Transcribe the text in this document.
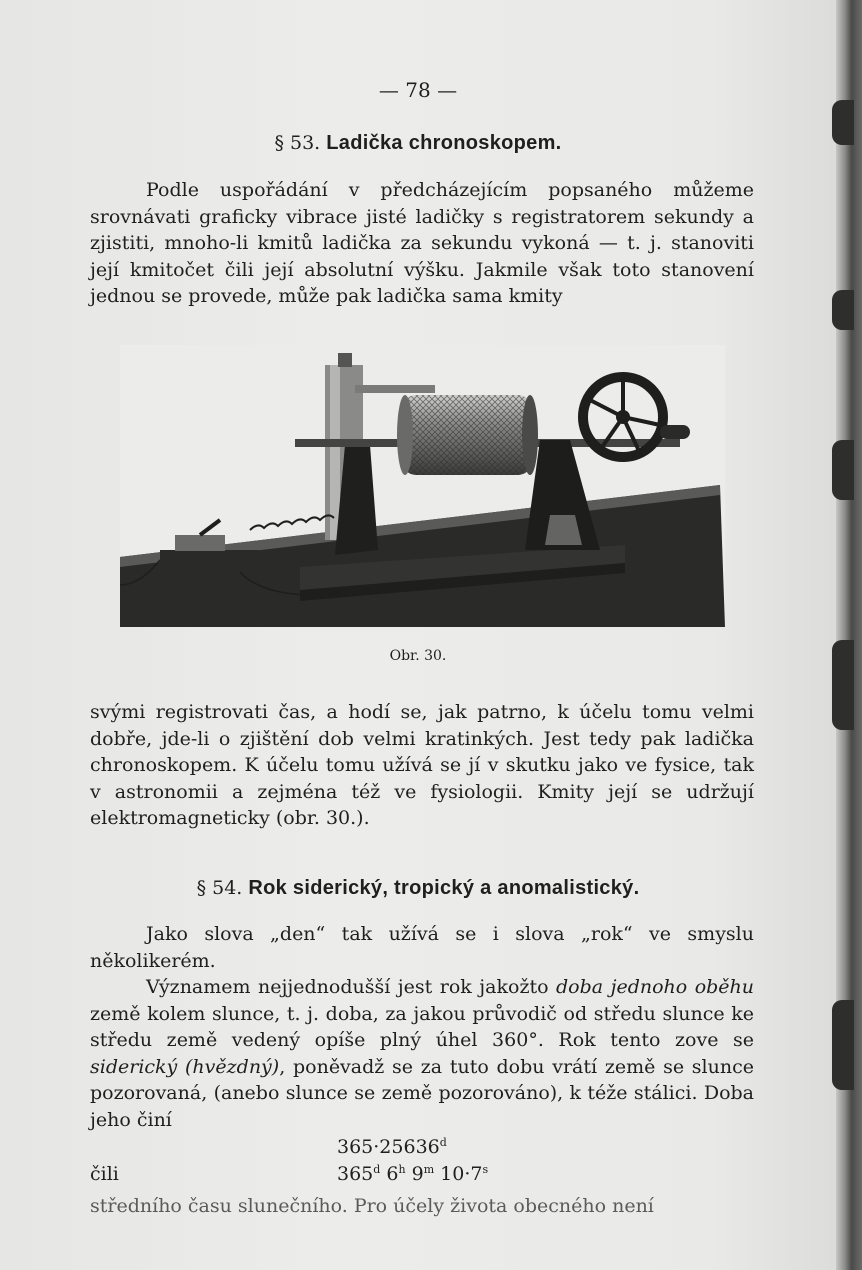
— 78 —
§ 53. Ladička chronoskopem.

Podle uspořádání v předcházejícím popsaného můžeme srovnávati graficky vibrace jisté ladičky s registratorem sekundy a zjistiti, mnoho-li kmitů ladička za sekundu vykoná — t. j. stanoviti její kmitočet čili její absolutní výšku. Jakmile však toto stanovení jednou se provede, může pak ladička sama kmity

Obr. 30.

svými registrovati čas, a hodí se, jak patrno, k účelu tomu velmi dobře, jde-li o zjištění dob velmi kratinkých. Jest tedy pak ladička chronoskopem. K účelu tomu užívá se jí v skutku jako ve fysice, tak v astronomii a zejména též ve fysiologii. Kmity její se udržují elektromagneticky (obr. 30.).

§ 54. Rok siderický, tropický a anomalistický.

Jako slova „den“ tak užívá se i slova „rok“ ve smyslu několikerém.

Významem nejjednodušší jest rok jakožto doba jednoho oběhu země kolem slunce, t. j. doba, za jakou průvodič od středu slunce ke středu země vedený opíše plný úhel 360°. Rok tento zove se siderický (hvězdný), poněvadž se za tuto dobu vrátí země se slunce pozorovaná, (anebo slunce se země pozorováno), k téže stálici. Doba jeho činí

$365\cdot 25636^d$
čili	365$^d$ 6$^h$ 9$^m$ $10\cdot 7^s$

středního času slunečního. Pro účely života obecného není
